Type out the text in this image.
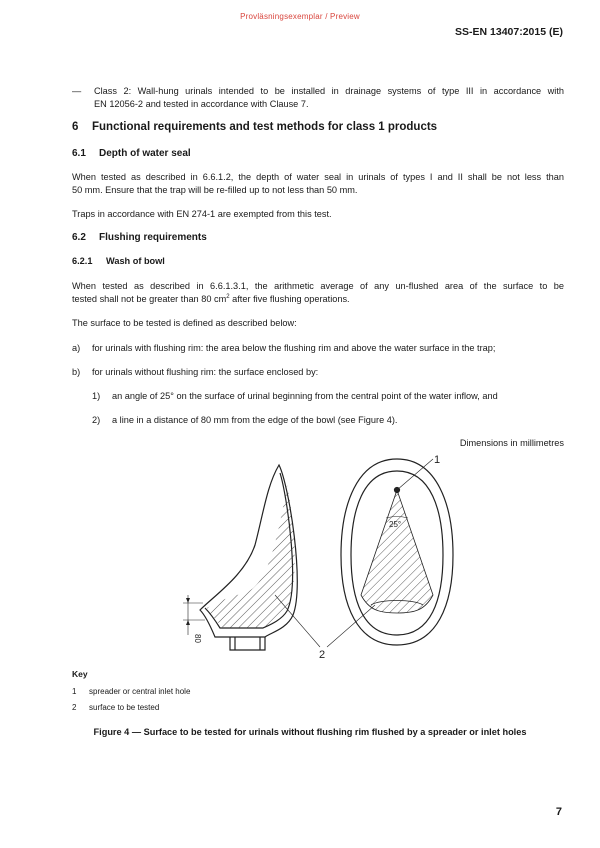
Provläsningsexemplar / Preview
SS-EN 13407:2015 (E)
— Class 2: Wall-hung urinals intended to be installed in drainage systems of type III in accordance with
EN 12056-2 and tested in accordance with Clause 7.
6 Functional requirements and test methods for class 1 products
6.1 Depth of water seal
When tested as described in 6.6.1.2, the depth of water seal in urinals of types I and II shall be not less than
50 mm. Ensure that the trap will be re-filled up to not less than 50 mm.
Traps in accordance with EN 274-1 are exempted from this test.
6.2 Flushing requirements
6.2.1 Wash of bowl
When tested as described in 6.6.1.3.1, the arithmetic average of any un-flushed area of the surface to be
tested shall not be greater than 80 $cm^2$ after five flushing operations.
The surface to be tested is defined as described below:
a) for urinals with flushing rim: the area below the flushing rim and above the water surface in the trap;
b) for urinals without flushing rim: the surface enclosed by:
1) an angle of 25° on the surface of urinal beginning from the central point of the water inflow, and
2) a line in a distance of 80 mm from the edge of the bowl (see Figure 4).
Dimensions in millimetres
80
25°
1
2
Key
1 spreader or central inlet hole
2 surface to be tested
Figure 4 — Surface to be tested for urinals without flushing rim flushed by a spreader or inlet holes
7
